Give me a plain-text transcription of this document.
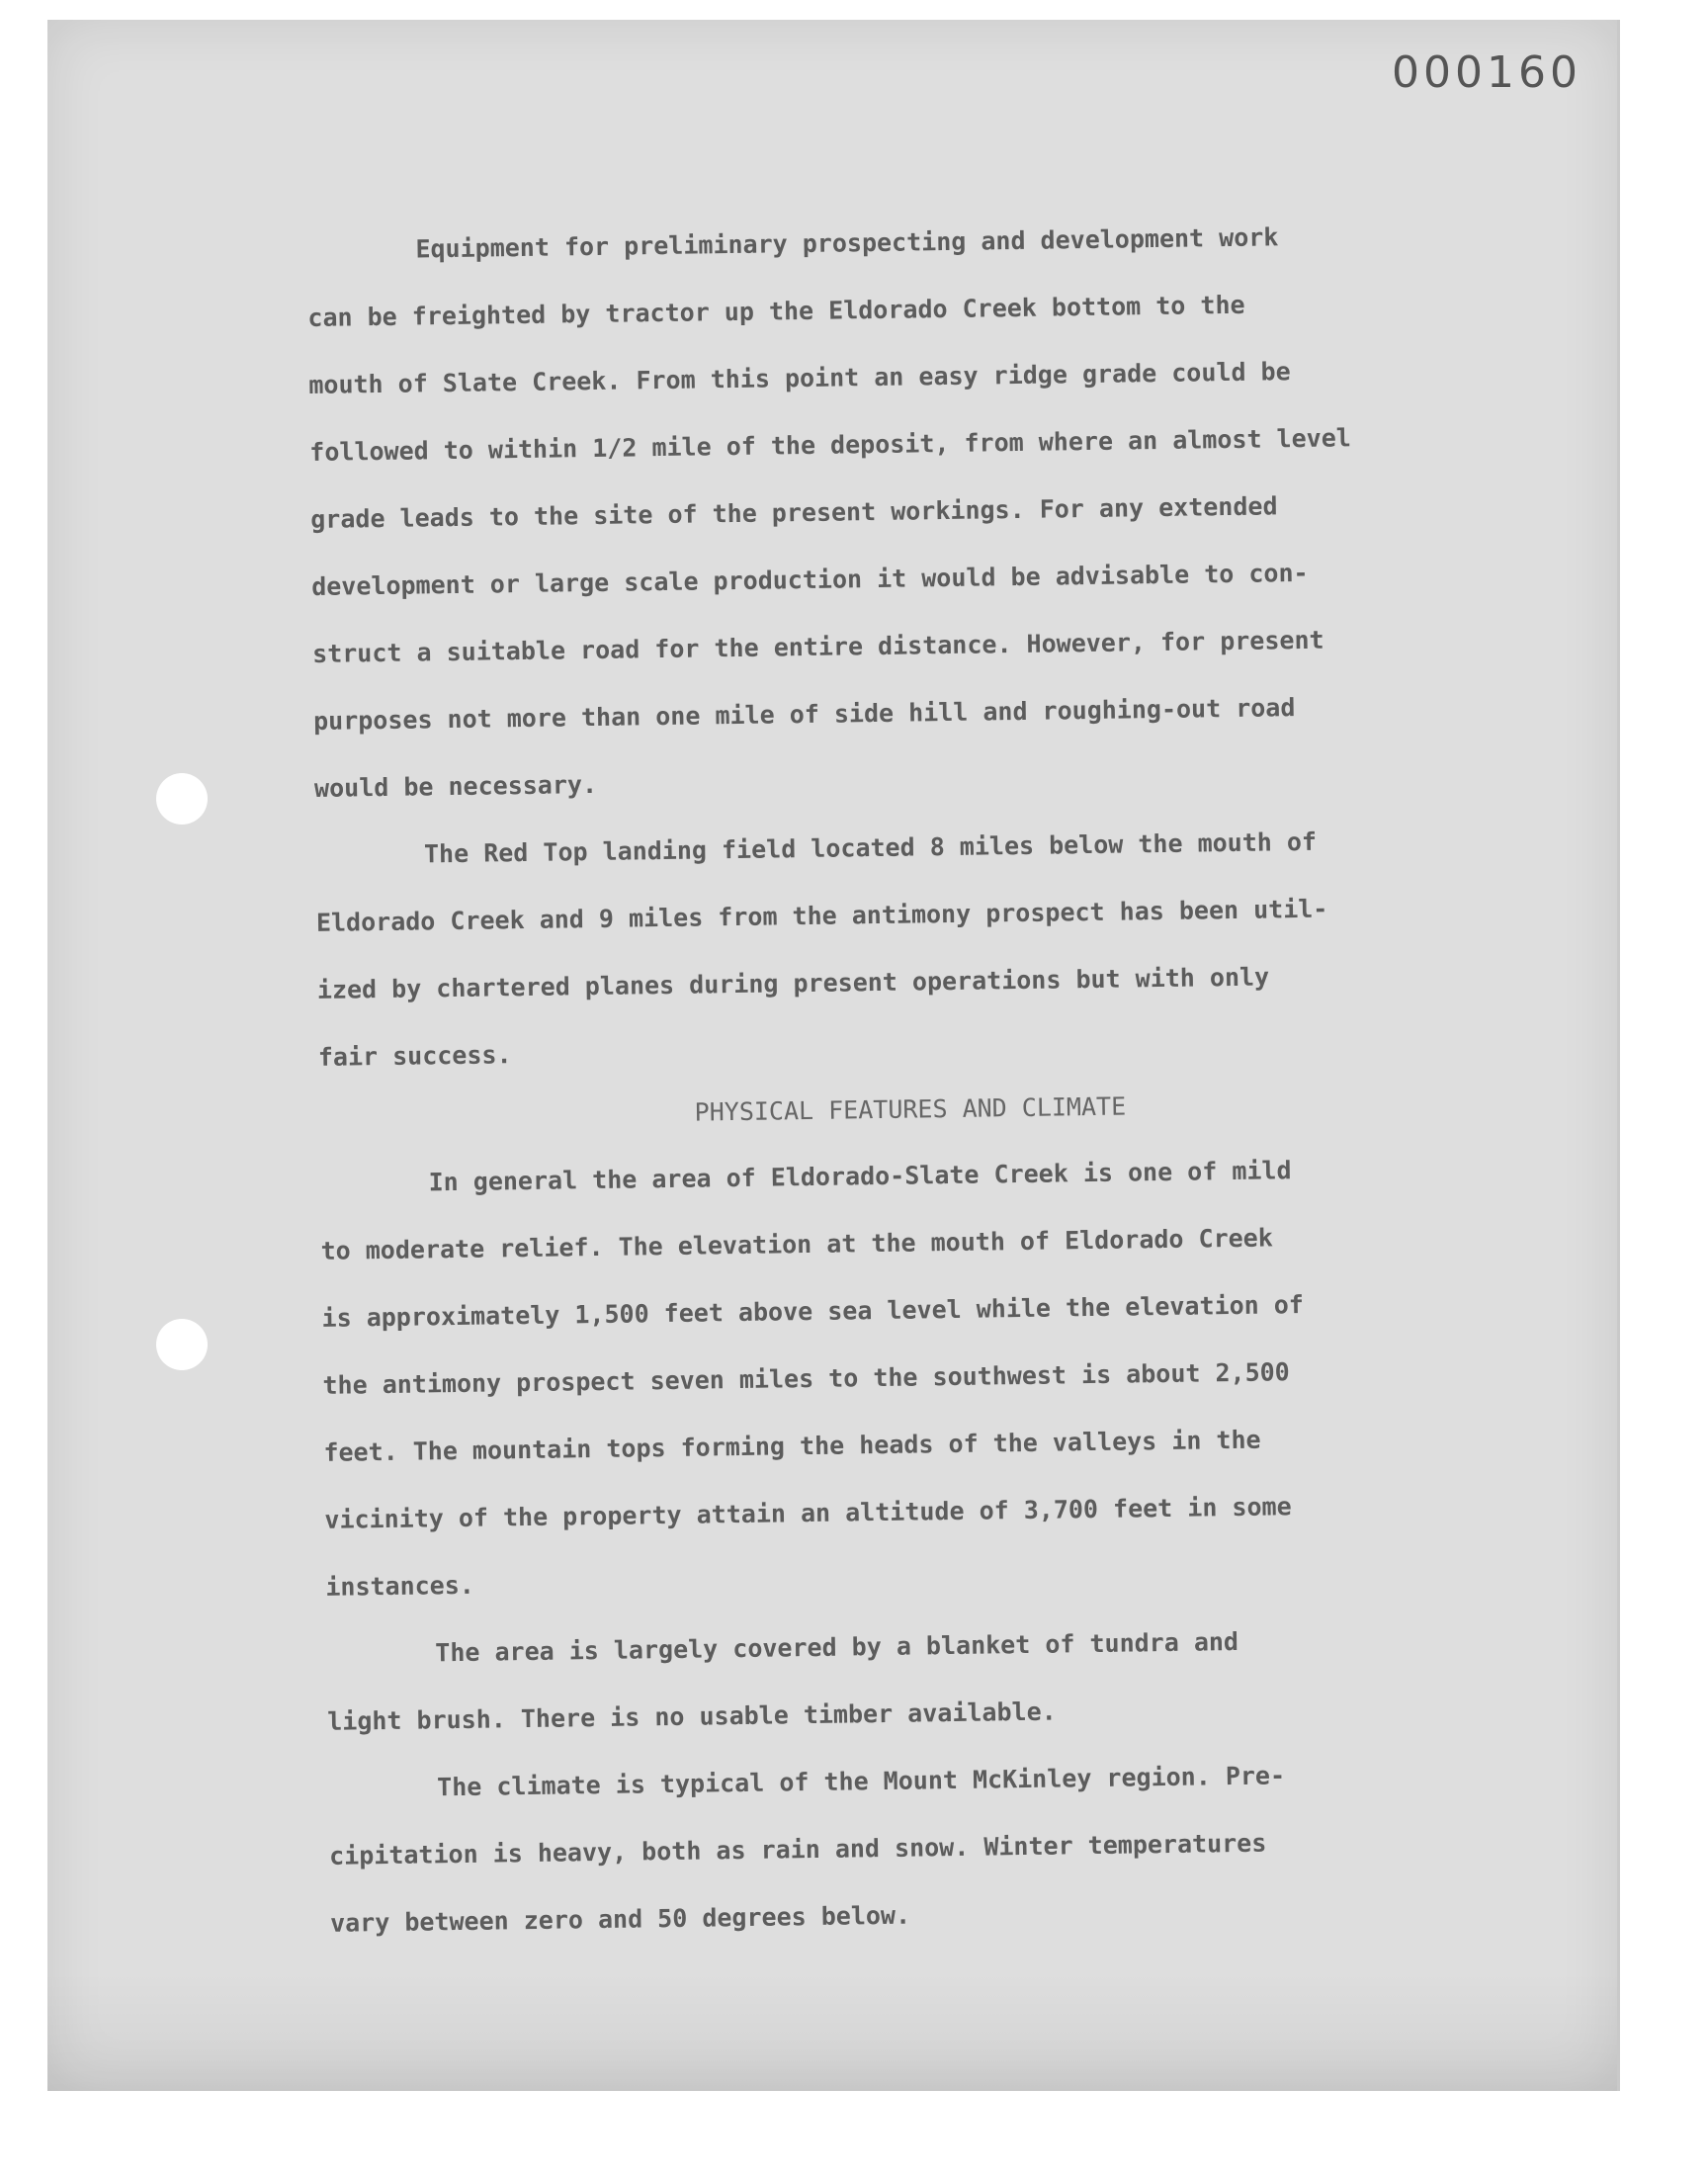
000160
Equipment for preliminary prospecting and development work
can be freighted by tractor up the Eldorado Creek bottom to the
mouth of Slate Creek. From this point an easy ridge grade could be
followed to within 1/2 mile of the deposit, from where an almost level
grade leads to the site of the present workings. For any extended
development or large scale production it would be advisable to con-
struct a suitable road for the entire distance. However, for present
purposes not more than one mile of side hill and roughing-out road
would be necessary.
The Red Top landing field located 8 miles below the mouth of
Eldorado Creek and 9 miles from the antimony prospect has been util-
ized by chartered planes during present operations but with only
fair success.
PHYSICAL FEATURES AND CLIMATE
In general the area of Eldorado-Slate Creek is one of mild
to moderate relief. The elevation at the mouth of Eldorado Creek
is approximately 1,500 feet above sea level while the elevation of
the antimony prospect seven miles to the southwest is about 2,500
feet. The mountain tops forming the heads of the valleys in the
vicinity of the property attain an altitude of 3,700 feet in some
instances.
The area is largely covered by a blanket of tundra and
light brush. There is no usable timber available.
The climate is typical of the Mount McKinley region. Pre-
cipitation is heavy, both as rain and snow. Winter temperatures
vary between zero and 50 degrees below.
